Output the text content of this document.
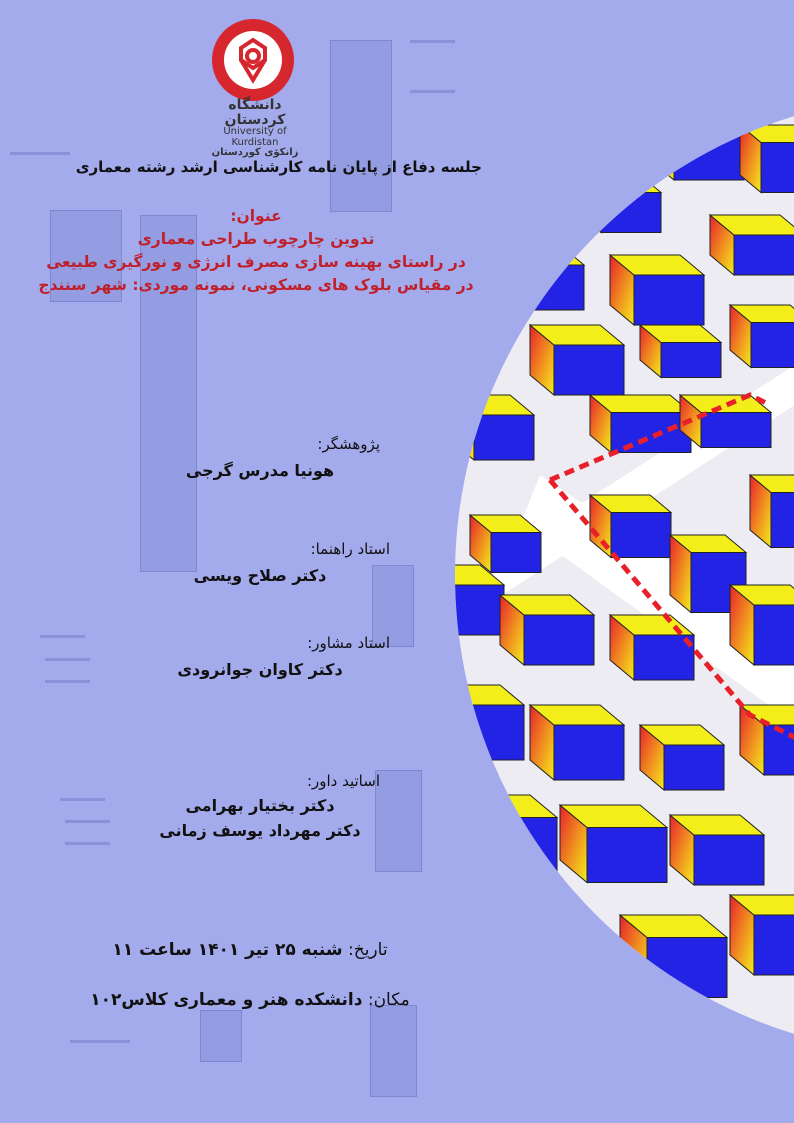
دانشگاه کردستان
University of Kurdistan
زانکۆی کوردستان
جلسه دفاع از پایان نامه کارشناسی ارشد رشته معماری
عنوان:
تدوین چارچوب طراحی معماری
در راستای بهینه سازی مصرف انرژی و نورگیری طبیعی
در مقیاس بلوک های مسکونی، نمونه موردی: شهر سنندج
پژوهشگر:
هونیا مدرس گرجی
استاد راهنما:
دکتر صلاح ویسی
استاد مشاور:
دکتر کاوان جوانرودی
اساتید داور:
دکتر بختیار بهرامی
دکتر مهرداد یوسف زمانی
تاریخ: شنبه ۲۵ تیر ۱۴۰۱ ساعت ۱۱
مکان: دانشکده هنر و معماری کلاس۱۰۲
